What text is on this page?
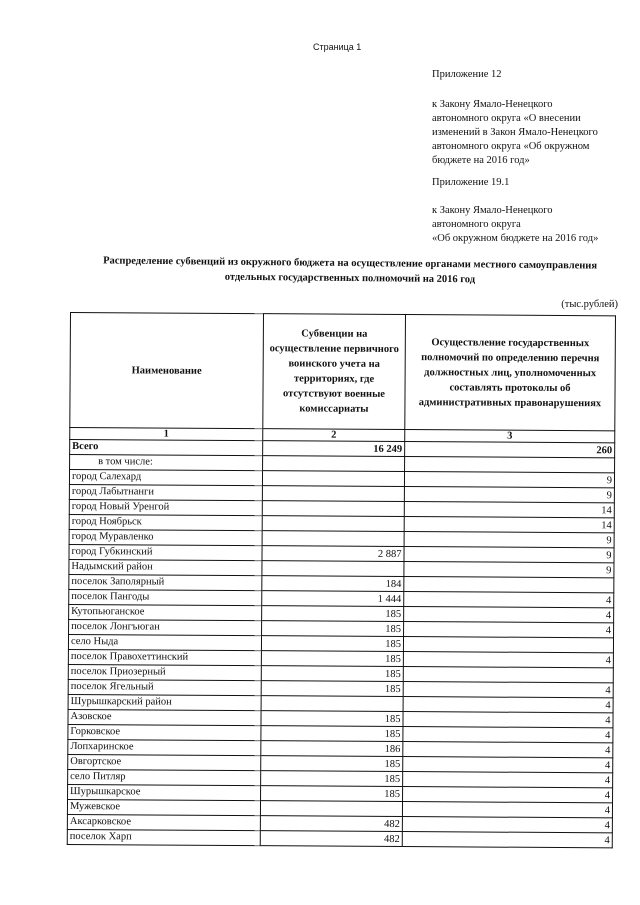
Страница 1
Приложение 12
к Закону Ямало-Ненецкого
автономного округа «О внесении
изменений в Закон Ямало-Ненецкого
автономного округа «Об окружном
бюджете на 2016 год»
Приложение 19.1
к Закону Ямало-Ненецкого
автономного округа
«Об окружном бюджете на 2016 год»
Распределение субвенций из окружного бюджета на осуществление органами местного самоуправления
отдельных государственных полномочий на 2016 год
(тыс.рублей)
Наименование	Субвенции на осуществление первичного воинского учета на территориях, где отсутствуют военные комиссариаты	Осуществление государственных полномочий по определению перечня должностных лиц, уполномоченных составлять протоколы об административных правонарушениях
1	2	3
Всего	16 249	260
в том числе:		
город Салехард		9
город Лабытнанги		9
город Новый Уренгой		14
город Ноябрьск		14
город Муравленко		9
город Губкинский	2 887	9
Надымский район		9
поселок Заполярный	184	
поселок Пангоды	1 444	4
Кутопьюганское	185	4
поселок Лонгъюган	185	4
село Ныда	185	
поселок Правохеттинский	185	4
поселок Приозерный	185	
поселок Ягельный	185	4
Шурышкарский район		4
Азовское	185	4
Горковское	185	4
Лопхаринское	186	4
Овгортское	185	4
село Питляр	185	4
Шурышкарское	185	4
Мужевское		4
Аксарковское	482	4
поселок Харп	482	4
